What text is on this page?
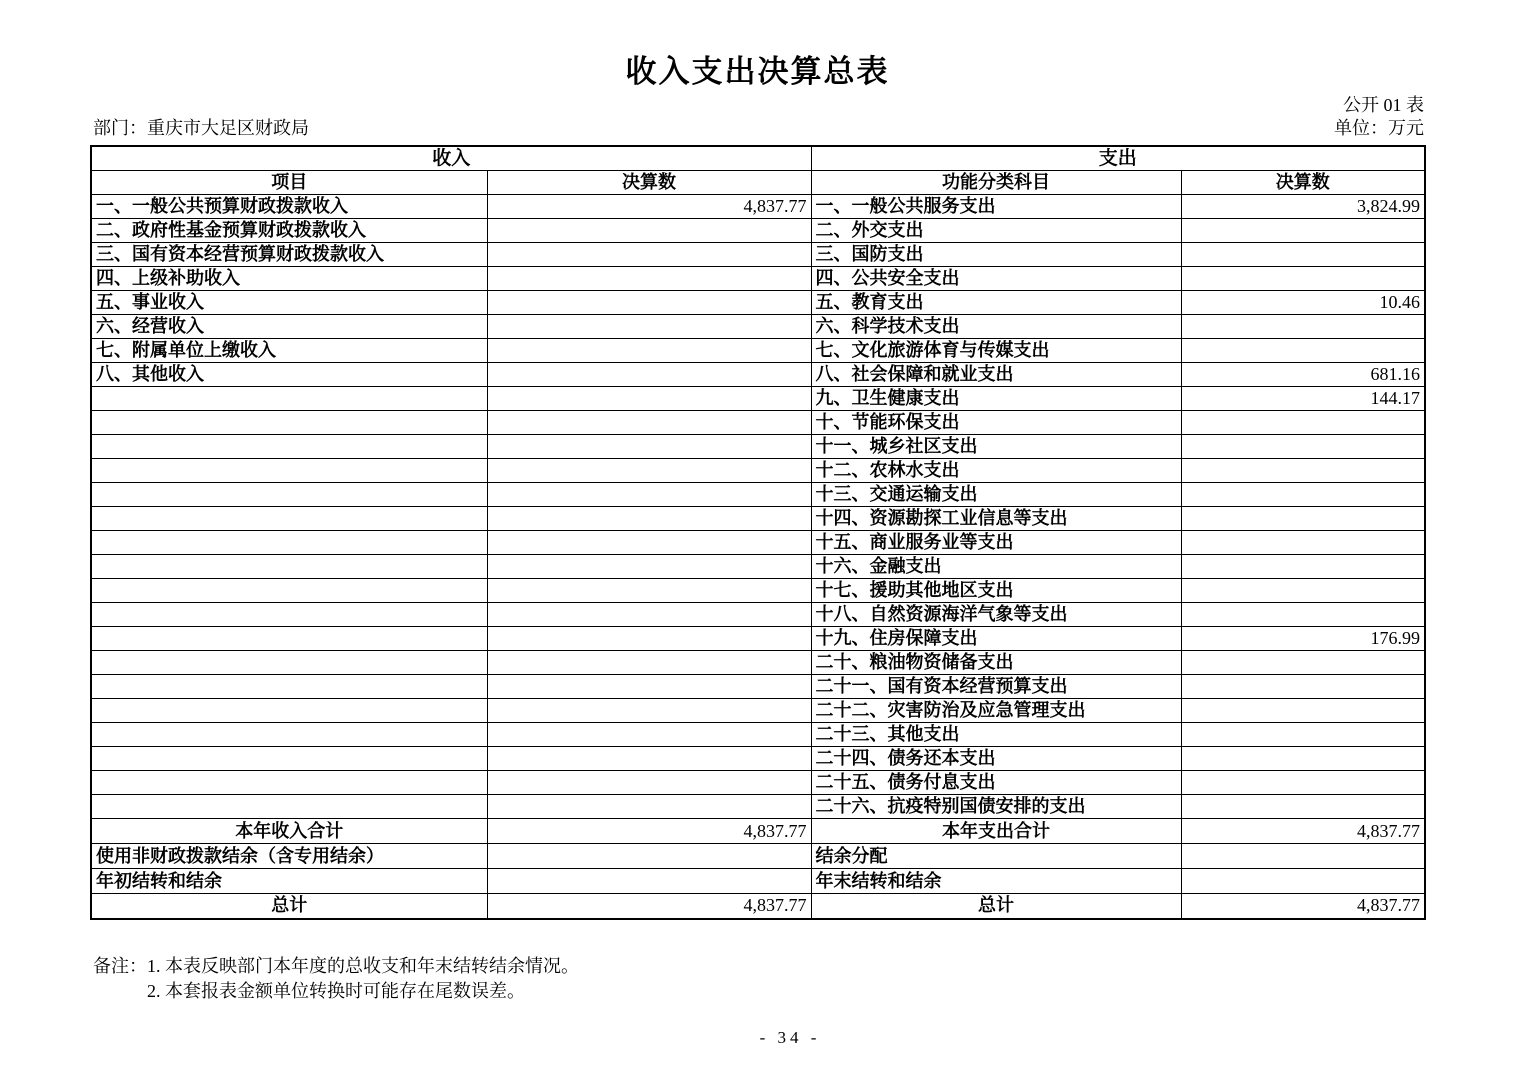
收入支出决算总表
公开 01 表
部门：重庆市大足区财政局	单位：万元
收入		支出	
项目	决算数	功能分类科目	决算数
一、一般公共预算财政拨款收入	4,837.77	一、一般公共服务支出	3,824.99
二、政府性基金预算财政拨款收入		二、外交支出	
三、国有资本经营预算财政拨款收入		三、国防支出	
四、上级补助收入		四、公共安全支出	
五、事业收入		五、教育支出	10.46
六、经营收入		六、科学技术支出	
七、附属单位上缴收入		七、文化旅游体育与传媒支出	
八、其他收入		八、社会保障和就业支出	681.16
		九、卫生健康支出	144.17
		十、节能环保支出	
		十一、城乡社区支出	
		十二、农林水支出	
		十三、交通运输支出	
		十四、资源勘探工业信息等支出	
		十五、商业服务业等支出	
		十六、金融支出	
		十七、援助其他地区支出	
		十八、自然资源海洋气象等支出	
		十九、住房保障支出	176.99
		二十、粮油物资储备支出	
		二十一、国有资本经营预算支出	
		二十二、灾害防治及应急管理支出	
		二十三、其他支出	
		二十四、债务还本支出	
		二十五、债务付息支出	
		二十六、抗疫特别国债安排的支出	
本年收入合计	4,837.77	本年支出合计	4,837.77
使用非财政拨款结余（含专用结余）		结余分配	
年初结转和结余		年末结转和结余	
总计	4,837.77	总计	4,837.77
备注： 1. 本表反映部门本年度的总收支和年末结转结余情况。
2. 本套报表金额单位转换时可能存在尾数误差。
- 34 -
